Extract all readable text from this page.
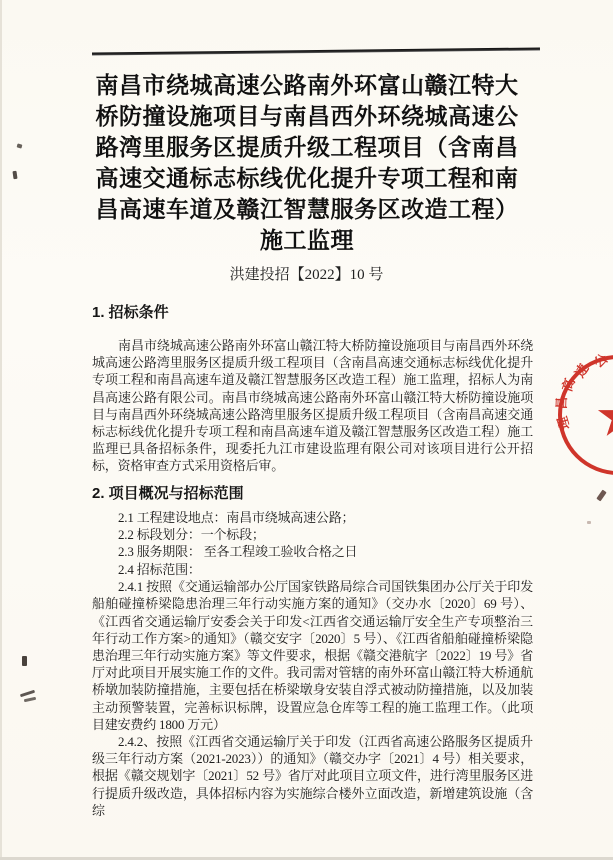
南昌市绕城高速公路南外环富山赣江特大桥防撞设施项目与南昌西外环绕城高速公路湾里服务区提质升级工程项目（含南昌高速交通标志标线优化提升专项工程和南昌高速车道及赣江智慧服务区改造工程）施工监理
洪建投招【2022】10 号
1. 招标条件

南昌市绕城高速公路南外环富山赣江特大桥防撞设施项目与南昌西外环绕城高速公路湾里服务区提质升级工程项目（含南昌高速交通标志标线优化提升专项工程和南昌高速车道及赣江智慧服务区改造工程）施工监理，招标人为南昌高速公路有限公司。南昌市绕城高速公路南外环富山赣江特大桥防撞设施项目与南昌西外环绕城高速公路湾里服务区提质升级工程项目（含南昌高速交通标志标线优化提升专项工程和南昌高速车道及赣江智慧服务区改造工程）施工监理已具备招标条件，现委托九江市建设监理有限公司对该项目进行公开招标，资格审查方式采用资格后审。

2. 项目概况与招标范围

2.1 工程建设地点：南昌市绕城高速公路；

2.2 标段划分：一个标段；

2.3 服务期限： 至各工程竣工验收合格之日

2.4 招标范围：

2.4.1 按照《交通运输部办公厅国家铁路局综合司国铁集团办公厅关于印发船舶碰撞桥梁隐患治理三年行动实施方案的通知》（交办水〔2020〕69 号）、《江西省交通运输厅安委会关于印发<江西省交通运输厅安全生产专项整治三年行动工作方案>的通知》（赣交安字〔2020〕5 号）、《江西省船舶碰撞桥梁隐患治理三年行动实施方案》等文件要求，根据《赣交港航字〔2022〕19 号》省厅对此项目开展实施工作的文件。我司需对管辖的南外环富山赣江特大桥通航桥墩加装防撞措施，主要包括在桥梁墩身安装自浮式被动防撞措施，以及加装主动预警装置，完善标识标牌，设置应急仓库等工程的施工监理工作。（此项目建安费约 1800 万元）

2.4.2、按照《江西省交通运输厅关于印发（江西省高速公路服务区提质升级三年行动方案（2021-2023））的通知》（赣交办字〔2021〕4 号）相关要求，根据《赣交规划字〔2021〕52 号》省厅对此项目立项文件，进行湾里服务区进行提质升级改造，具体招标内容为实施综合楼外立面改造，新增建筑设施（含综

公
速
高
昌
理
